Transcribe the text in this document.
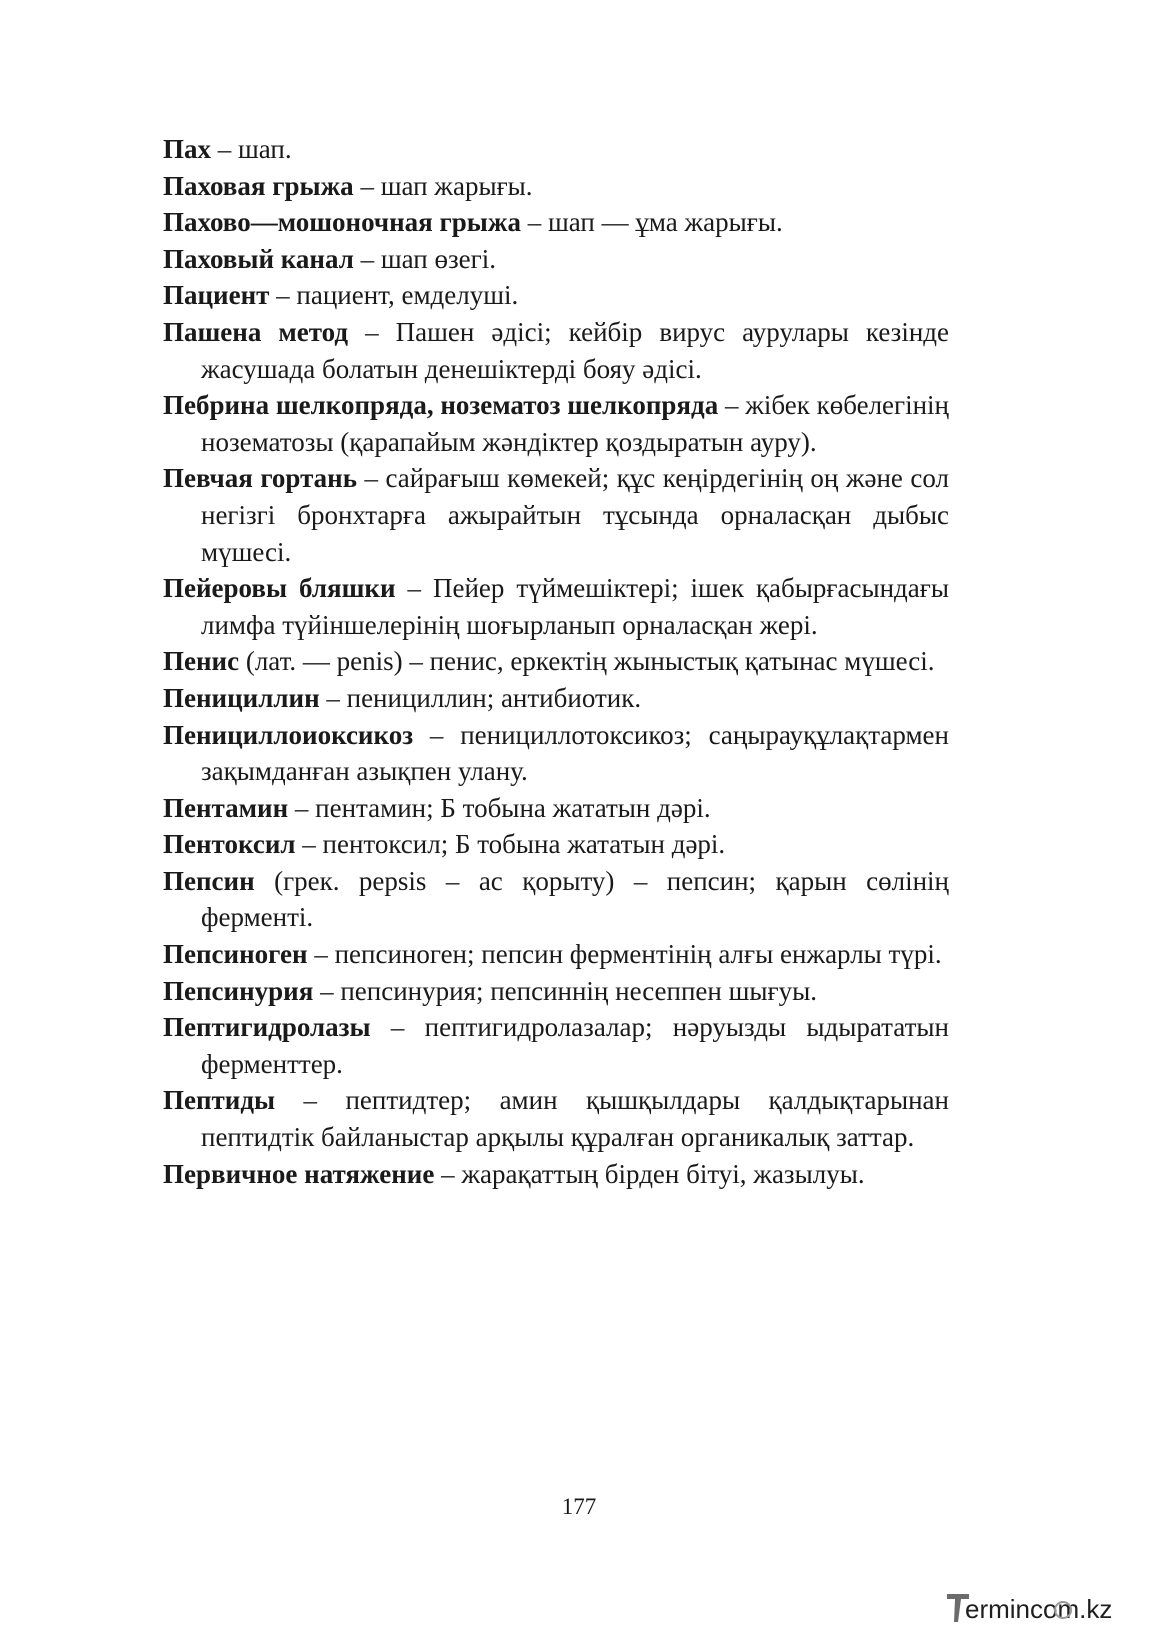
Пах – шап.

Паховая грыжа – шап жарығы.

Пахово—мошоночная грыжа – шап — ұма жарығы.

Паховый канал – шап өзегі.

Пациент – пациент, емделуші.

Пашена метод – Пашен әдісі; кейбір вирус аурулары кезінде жасушада болатын денешіктерді бояу әдісі.

Пебрина шелкопряда, нозематоз шелкопряда – жібек көбелегінің нозематозы (қарапайым жәндіктер қоздыратын ауру).

Певчая гортань – сайрағыш көмекей; құс кеңірдегінің оң және сол негізгі бронхтарға ажырайтын тұсында орналасқан дыбыс мүшесі.

Пейеровы бляшки – Пейер түймешіктері; ішек қабырғасындағы лимфа түйіншелерінің шоғырланып орналасқан жері.

Пенис (лат. — penis) – пенис, еркектің жыныстық қатынас мүшесі.

Пенициллин – пенициллин; антибиотик.

Пенициллоиоксикоз – пенициллотоксикоз; саңырауқұлақтармен зақымданған азықпен улану.

Пентамин – пентамин; Б тобына жататын дәрі.

Пентоксил – пентоксил; Б тобына жататын дәрі.

Пепсин (грек. pepsis – ас қорыту) – пепсин; қарын сөлінің ферменті.

Пепсиноген – пепсиноген; пепсин ферментінің алғы енжарлы түрі.

Пепсинурия – пепсинурия; пепсиннің несеппен шығуы.

Пептигидролазы – пептигидролазалар; нәруызды ыдырататын ферменттер.

Пептиды – пептидтер; амин қышқылдары қалдықтарынан пептидтік байланыстар арқылы құралған органикалық заттар.

Первичное натяжение – жарақаттың бірден бітуі, жазылуы.

177
ermincom.kz
